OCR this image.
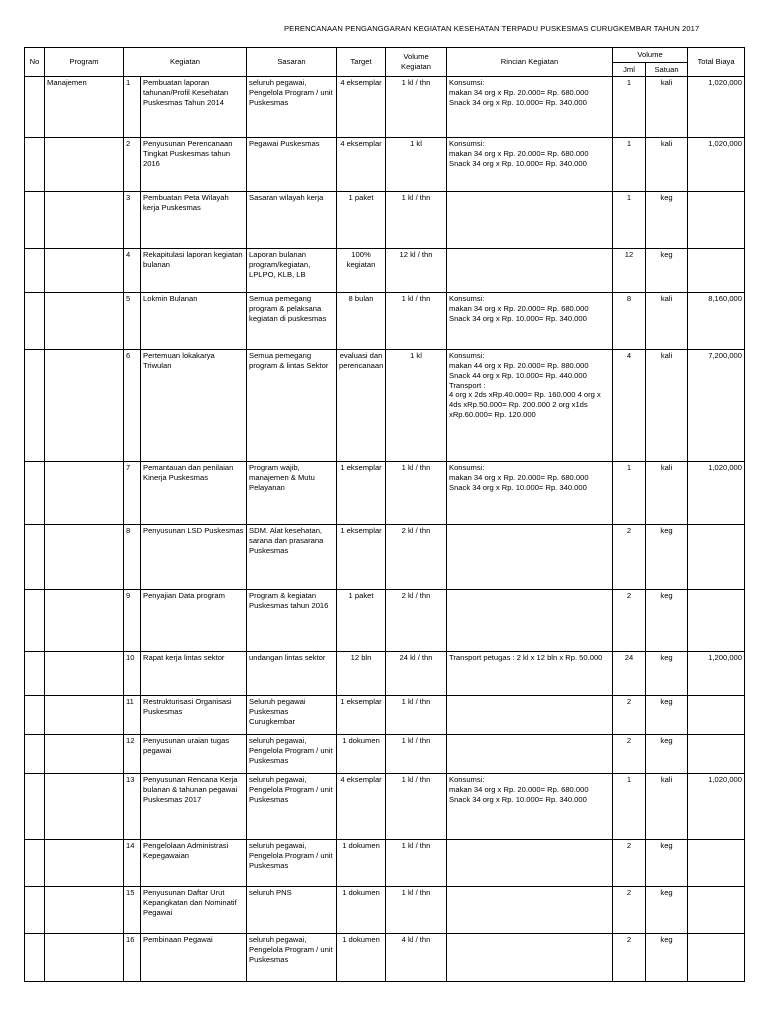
PERENCANAAN PENGANGGARAN KEGIATAN KESEHATAN TERPADU PUSKESMAS CURUGKEMBAR TAHUN 2017
No	Program	Kegiatan		Sasaran	Target	Volume Kegiatan	Rincian Kegiatan	Volume		Total Biaya
								Jml	Satuan	
	Manajemen	1	Pembuatan laporan tahunan/Profil Kesehatan Puskesmas Tahun 2014	seluruh pegawai, Pengelola Program / unit Puskesmas	4 eksemplar	1 kl / thn	Konsumsi:
makan 34 org x Rp. 20.000= Rp. 680.000 Snack 34 org x Rp. 10.000= Rp. 340.000	1	kali	1,020,000
		2	Penyusunan Perencanaan Tingkat Puskesmas tahun 2016	Pegawai Puskesmas	4 eksemplar	1 kl	Konsumsi:
makan 34 org x Rp. 20.000= Rp. 680.000 Snack 34 org x Rp. 10.000= Rp. 340.000	1	kali	1,020,000
		3	Pembuatan Peta Wilayah kerja Puskesmas	Sasaran wilayah kerja	1 paket	1 kl / thn		1	keg	
		4	Rekapitulasi laporan kegiatan bulanan	Laporan bulanan program/kegiatan, LPLPO, KLB, LB	100% kegiatan	12 kl / thn		12	keg	
		5	Lokmin Bulanan	Semua pemegang program & pelaksana kegiatan di puskesmas	8 bulan	1 kl / thn	Konsumsi:
makan 34 org x Rp. 20.000= Rp. 680.000 Snack 34 org x Rp. 10.000= Rp. 340.000	8	kali	8,160,000
		6	Pertemuan lokakarya Triwulan	Semua pemegang program & lintas Sektor	evaluasi dan perencanaan	1 kl	Konsumsi:
makan 44 org x Rp. 20.000= Rp. 880.000 Snack 44 org x Rp. 10.000= Rp. 440.000 Transport :
4 org x 2ds xRp.40.000= Rp. 160.000 4 org x 4ds xRp.50.000= Rp. 200.000 2 org x1ds xRp.60.000= Rp. 120.000	4	kali	7,200,000
		7	Pemantauan dan penilaian Kinerja Puskesmas	Program wajib, manajemen & Mutu Pelayanan	1 eksemplar	1 kl / thn	Konsumsi:
makan 34 org x Rp. 20.000= Rp. 680.000 Snack 34 org x Rp. 10.000= Rp. 340.000	1	kali	1,020,000
		8	Penyusunan LSD Puskesmas	SDM. Alat kesehatan, sarana dan prasarana Puskesmas	1 eksemplar	2 kl / thn		2	keg	
		9	Penyajian Data program	Program & kegiatan Puskesmas tahun 2016	1 paket	2 kl / thn		2	keg	
		10	Rapat kerja lintas sektor	undangan lintas sektor	12 bln	24 kl / thn	Transport petugas : 2 kl x 12 bln x Rp. 50.000	24	keg	1,200,000
		11	Restrukturisasi Organisasi Puskesmas	Seluruh pegawai Puskesmas Curugkembar	1 eksemplar	1 kl / thn		2	keg	
		12	Penyusunan uraian tugas pegawai	seluruh pegawai, Pengelola Program / unit Puskesmas	1 dokumen	1 kl / thn		2	keg	
		13	Penyusunan Rencana Kerja bulanan & tahunan pegawai Puskesmas 2017	seluruh pegawai, Pengelola Program / unit Puskesmas	4 eksemplar	1 kl / thn	Konsumsi:
makan 34 org x Rp. 20.000= Rp. 680.000 Snack 34 org x Rp. 10.000= Rp. 340.000	1	kali	1,020,000
		14	Pengelolaan Administrasi Kepegawaian	seluruh pegawai, Pengelola Program / unit Puskesmas	1 dokumen	1 kl / thn		2	keg	
		15	Penyusunan Daftar Urut Kepangkatan dan Nominatif Pegawai	seluruh PNS	1 dokumen	1 kl / thn		2	keg	
		16	Pembinaan Pegawai	seluruh pegawai, Pengelola Program / unit Puskesmas	1 dokumen	4 kl / thn		2	keg	
